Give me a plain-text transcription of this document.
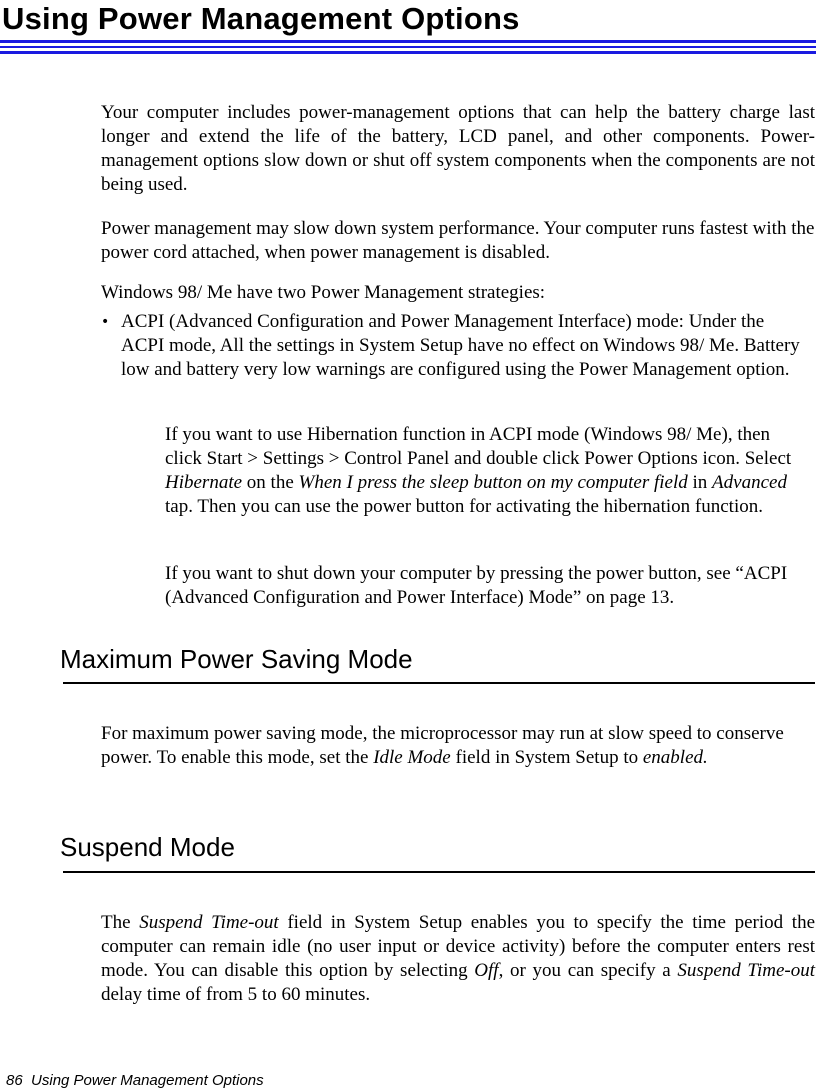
Using Power Management Options

Your computer includes power-management options that can help the battery charge last longer and extend the life of the battery, LCD panel, and other components. Power-management options slow down or shut off system components when the components are not being used.

Power management may slow down system performance. Your computer runs fastest with the power cord attached, when power management is disabled.

Windows 98/ Me have two Power Management strategies:

• ACPI (Advanced Configuration and Power Management Interface) mode: Under the ACPI mode, All the settings in System Setup have no effect on Windows 98/ Me. Battery low and battery very low warnings are configured using the Power Management option.

If you want to use Hibernation function in ACPI mode (Windows 98/ Me), then click Start > Settings > Control Panel and double click Power Options icon. Select Hibernate on the When I press the sleep button on my computer field in Advanced tap. Then you can use the power button for activating the hibernation function.

If you want to shut down your computer by pressing the power button, see “ACPI (Advanced Configuration and Power Interface) Mode” on page 13.

Maximum Power Saving Mode

For maximum power saving mode, the microprocessor may run at slow speed to conserve power. To enable this mode, set the Idle Mode field in System Setup to enabled.

Suspend Mode

The Suspend Time-out field in System Setup enables you to specify the time period the computer can remain idle (no user input or device activity) before the computer enters rest mode. You can disable this option by selecting Off, or you can specify a Suspend Time-out delay time of from 5 to 60 minutes.

86 Using Power Management Options
